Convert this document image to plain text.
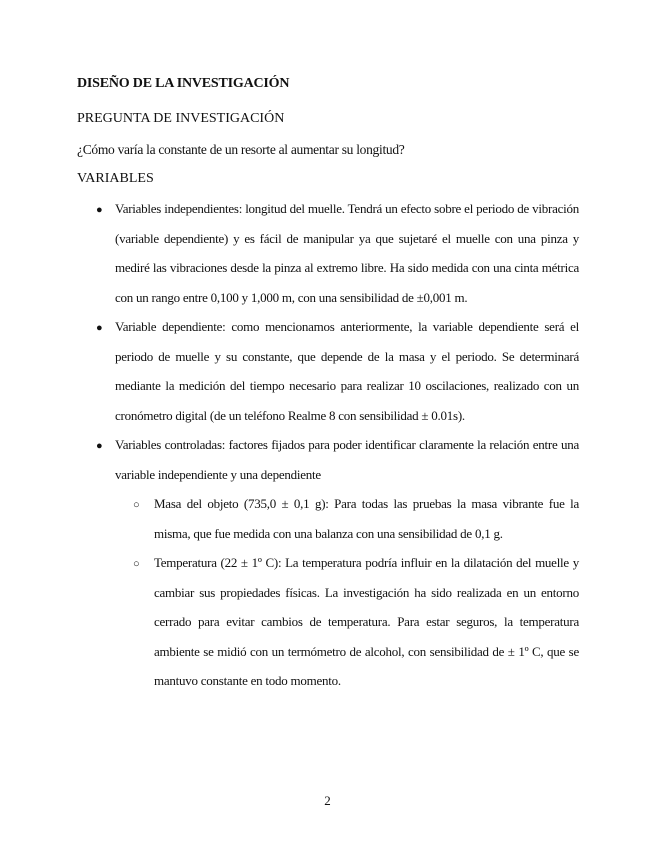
DISEÑO DE LA INVESTIGACIÓN
PREGUNTA DE INVESTIGACIÓN
¿Cómo varía la constante de un resorte al aumentar su longitud?
VARIABLES
● Variables independientes: longitud del muelle. Tendrá un efecto sobre el periodo de vibración (variable dependiente) y es fácil de manipular ya que sujetaré el muelle con una pinza y mediré las vibraciones desde la pinza al extremo libre. Ha sido medida con una cinta métrica con un rango entre 0,100 y 1,000 m, con una sensibilidad de ±0,001 m.

● Variable dependiente: como mencionamos anteriormente, la variable dependiente será el periodo de muelle y su constante, que depende de la masa y el periodo. Se determinará mediante la medición del tiempo necesario para realizar 10 oscilaciones, realizado con un cronómetro digital (de un teléfono Realme 8 con sensibilidad ± 0.01s).

● Variables controladas: factores fijados para poder identificar claramente la relación entre una variable independiente y una dependiente

○ Masa del objeto (735,0 ± 0,1 g): Para todas las pruebas la masa vibrante fue la misma, que fue medida con una balanza con una sensibilidad de 0,1 g.

○ Temperatura (22 ± 1º C): La temperatura podría influir en la dilatación del muelle y cambiar sus propiedades físicas. La investigación ha sido realizada en un entorno cerrado para evitar cambios de temperatura. Para estar seguros, la temperatura ambiente se midió con un termómetro de alcohol, con sensibilidad de ± 1º C, que se mantuvo constante en todo momento.

2
